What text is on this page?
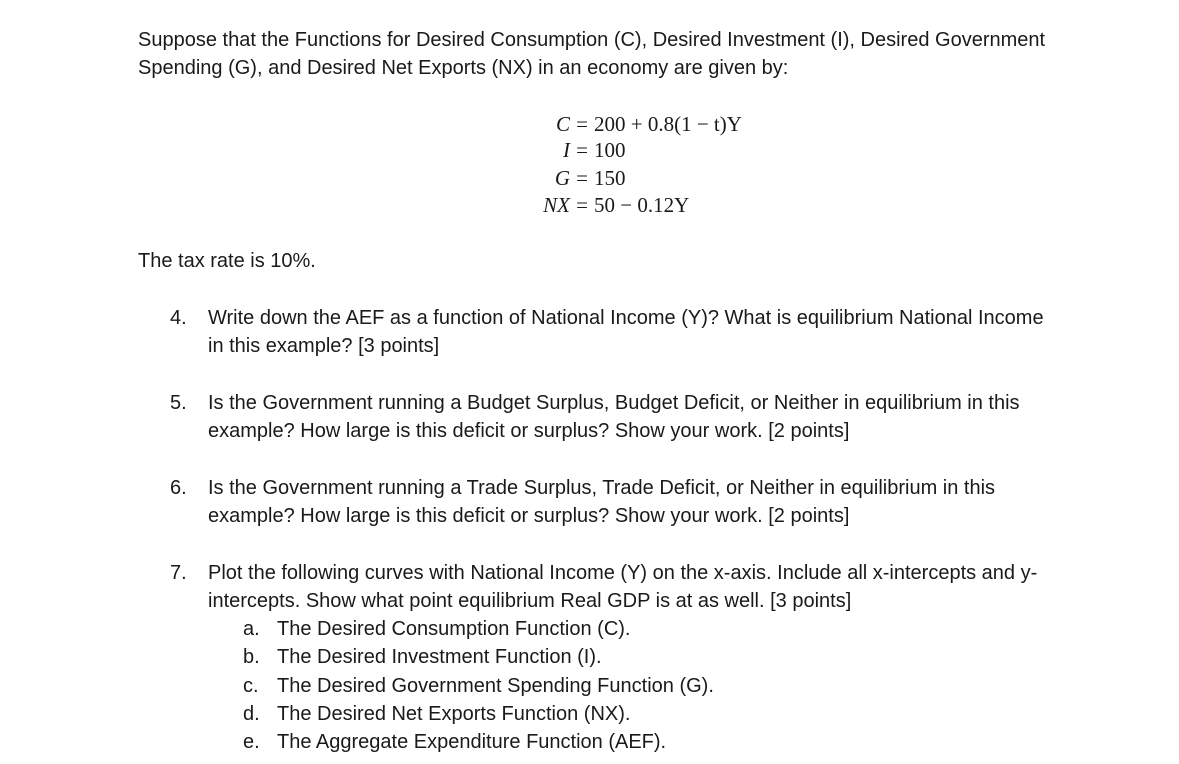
Suppose that the Functions for Desired Consumption (C), Desired Investment (I), Desired Government Spending (G), and Desired Net Exports (NX) in an economy are given by:

C = 200 + 0.8(1 − t)Y
I = 100
G = 150
NX = 50 − 0.12Y

The tax rate is 10%.

4. Write down the AEF as a function of National Income (Y)? What is equilibrium National Income in this example? [3 points]
5. Is the Government running a Budget Surplus, Budget Deficit, or Neither in equilibrium in this example? How large is this deficit or surplus? Show your work. [2 points]
6. Is the Government running a Trade Surplus, Trade Deficit, or Neither in equilibrium in this example? How large is this deficit or surplus? Show your work. [2 points]
7. Plot the following curves with National Income (Y) on the x-axis. Include all x-intercepts and y-intercepts. Show what point equilibrium Real GDP is at as well. [3 points]
a. The Desired Consumption Function (C).
b. The Desired Investment Function (I).
c. The Desired Government Spending Function (G).
d. The Desired Net Exports Function (NX).
e. The Aggregate Expenditure Function (AEF).
